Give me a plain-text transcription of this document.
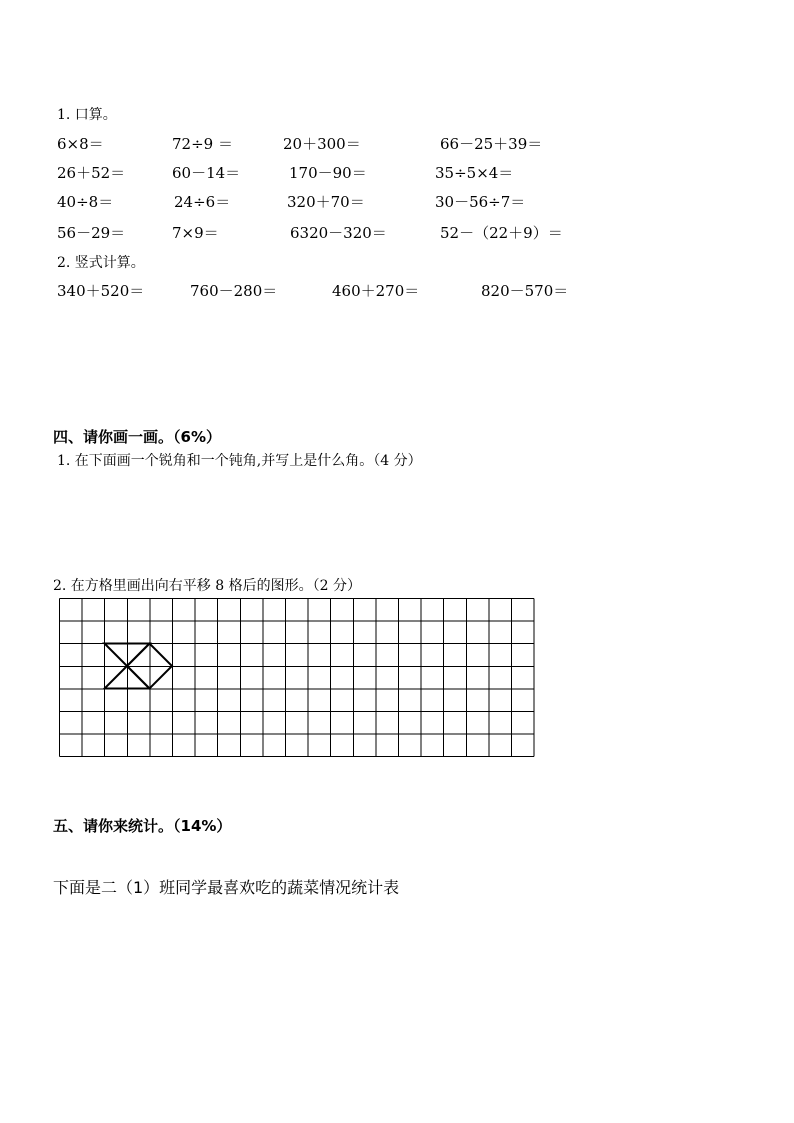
1. 口算。
6×8＝	72÷9 ＝	20＋300＝	66－25＋39＝
26＋52＝	60－14＝	170－90＝	35÷5×4＝
40÷8＝	24÷6＝	320＋70＝	30－56÷7＝
56－29＝	7×9＝	6320－320＝	52－（22＋9）＝
2. 竖式计算。
340＋520＝	760－280＝	460＋270＝	820－570＝
四、请你画一画。（6%）
1. 在下面画一个锐角和一个钝角,并写上是什么角。（4 分）
2. 在方格里画出向右平移 8 格后的图形。（2 分）
五、请你来统计。（14%）
下面是二（1）班同学最喜欢吃的蔬菜情况统计表
